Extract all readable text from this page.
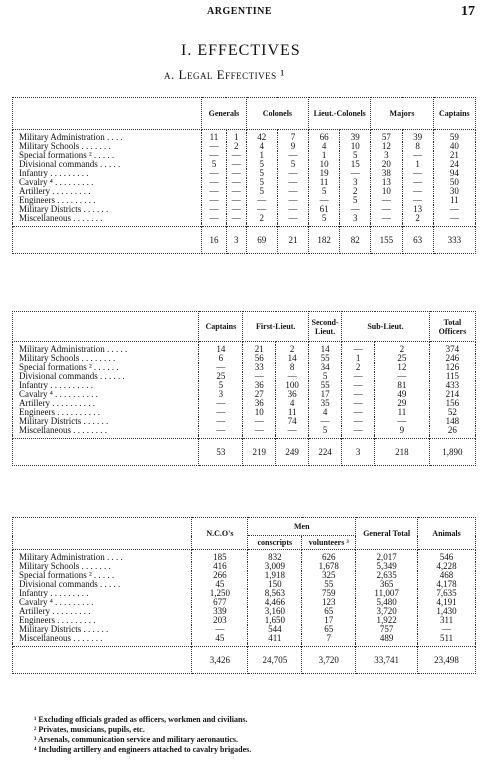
ARGENTINE	17
I. EFFECTIVES
a. Legal Effectives ¹
	Generals		Colonels		Lieut.-Colonels		Majors		Captains

Military Administration . . . .	11	1	42	7	66	39	57	39	59
Military Schools . . . . . . .	—	2	4	9	4	10	12	8	40
Special formations ² . . . . .	—	—	1	—	1	5	3	—	21
Divisional commands . . . . .	5	—	5	5	10	15	20	1	24
Infantry . . . . . . . . .	—	—	5	—	19	—	38	—	94
Cavalry ⁴ . . . . . . . . .	—	—	5	—	11	3	13	—	50
Artillery . . . . . . . . .	—	—	5	—	5	2	10	—	30
Engineers . . . . . . . . .	—	—	—	—	—	5	—	—	11
Military Districts . . . . . .	—	—	—	—	61	—	—	13	—
Miscellaneous . . . . . . .	—	—	2	—	5	3	—	2	—

	16	3	69	21	182	82	155	63	333
	Captains	First-Lieut.		Second-Lieut.	Sub-Lieut.		Total Officers

Military Administration . . . . .	14	21	2	14	—	2	374
Military Schools . . . . . . . .	6	56	14	55	1	25	246
Special formations ² . . . . . .	—	33	8	34	2	12	126
Divisional commands . . . . . .	25	—	—	5	—	—	115
Infantry . . . . . . . . . .	5	36	100	55	—	81	433
Cavalry ⁴ . . . . . . . . . .	3	27	36	17	—	49	214
Artillery . . . . . . . . . .	—	36	4	35	—	29	156
Engineers . . . . . . . . . .	—	10	11	4	—	11	52
Military Districts . . . . . .	—	—	74	—	—	—	148
Miscellaneous . . . . . . . .	—	—	—	5	—	9	26

	53	219	249	224	3	218	1,890
	N.C.O's	Men		General Total	Animals
		conscripts	volunteers ³		

Military Administration . . . .	185	832	626	2,017	546
Military Schools . . . . . . .	416	3,009	1,678	5,349	4,228
Special formations ² . . . . .	266	1,918	325	2,635	468
Divisional commands . . . . .	45	150	55	365	4,178
Infantry . . . . . . . . .	1,250	8,563	759	11,007	7,635
Cavalry ⁴ . . . . . . . . .	677	4,466	123	5,480	4,191
Artillery . . . . . . . . .	339	3,160	65	3,720	1,430
Engineers . . . . . . . . .	203	1,650	17	1,922	311
Military Districts . . . . . .	—	544	65	757	—
Miscellaneous . . . . . . .	45	411	7	489	511

	3,426	24,705	3,720	33,741	23,498
¹ Excluding officials graded as officers, workmen and civilians.
² Privates, musicians, pupils, etc.
³ Arsenals, communication service and military aeronautics.
⁴ Including artillery and engineers attached to cavalry brigades.
